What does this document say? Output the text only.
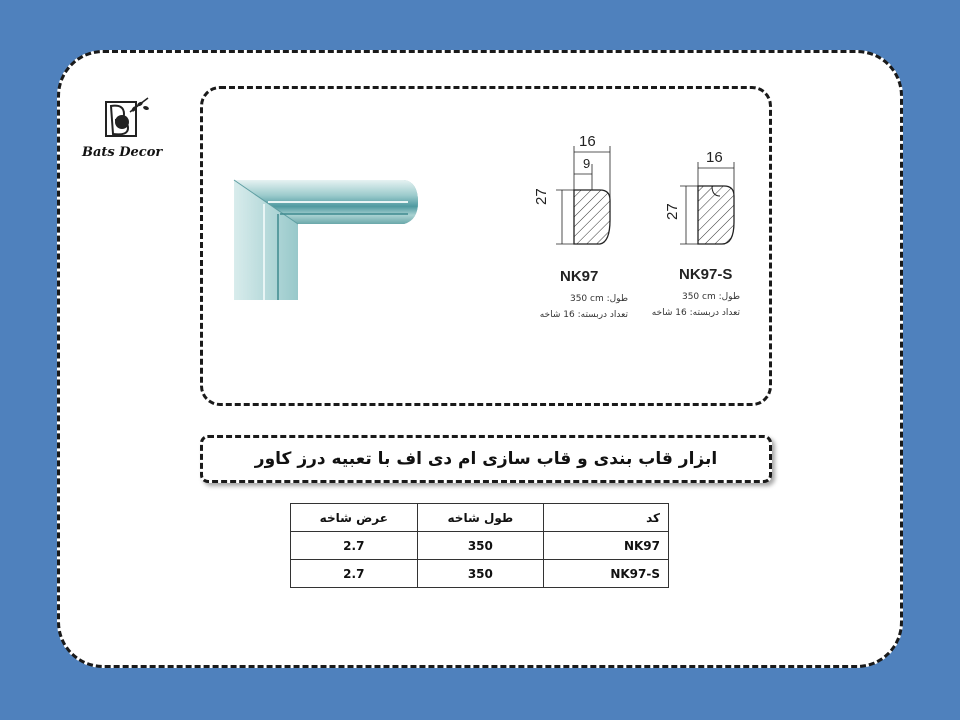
Bats Decor
16
9
27
NK97
350 cm :طول
تعداد دربسته: 16 شاخه
16
27
NK97-S
350 cm :طول
تعداد دربسته: 16 شاخه
ابزار قاب بندی و قاب سازی ام دی اف با تعبیه درز کاور
عرض شاخه	طول شاخه	کد
2.7	350	NK97
2.7	350	NK97-S
